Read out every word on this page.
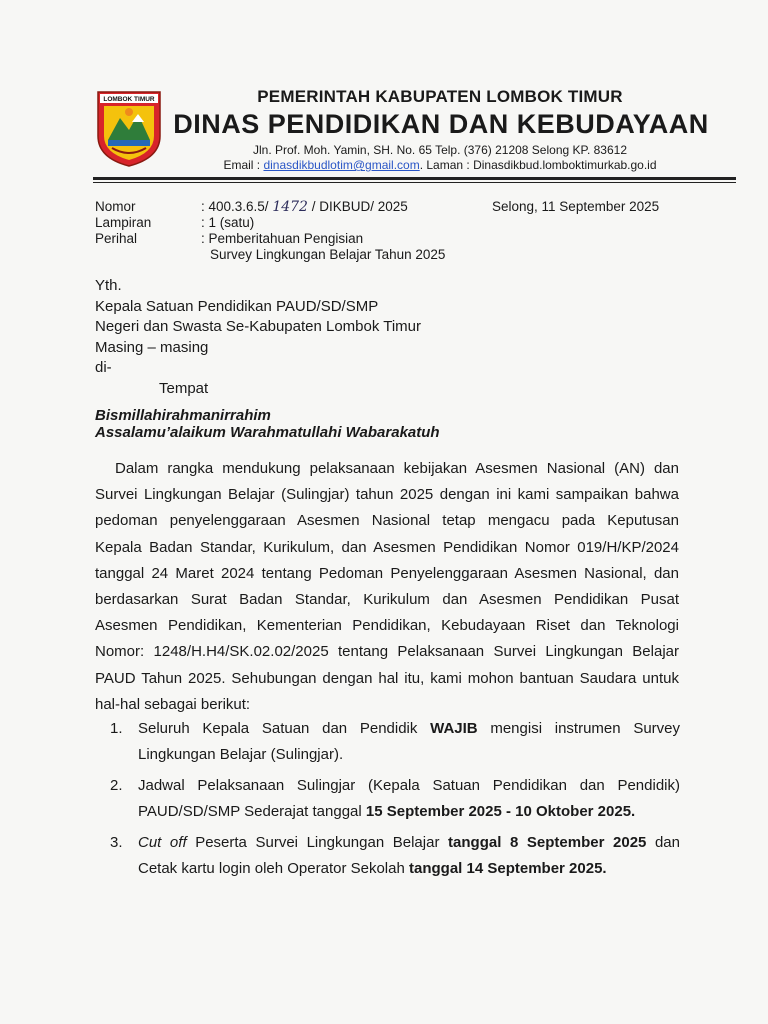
LOMBOK TIMUR	PEMERINTAH KABUPATEN LOMBOK TIMUR
DINAS PENDIDIKAN DAN KEBUDAYAAN
Jln. Prof. Moh. Yamin, SH. No. 65 Telp. (376) 21208 Selong KP. 83612
Email : dinasdikbudlotim@gmail.com. Laman : Dinasdikbud.lomboktimurkab.go.id
Nomor	: 400.3.6.5/ 1472 / DIKBUD/ 2025
Lampiran	: 1 (satu)
Perihal	: Pemberitahuan Pengisian
Survey Lingkungan Belajar Tahun 2025
Selong, 11 September 2025
Yth.
Kepala Satuan Pendidikan PAUD/SD/SMP
Negeri dan Swasta Se-Kabupaten Lombok Timur
Masing – masing
di-
Tempat
Bismillahirahmanirrahim
Assalamu’alaikum Warahmatullahi Wabarakatuh
Dalam rangka mendukung pelaksanaan kebijakan Asesmen Nasional (AN) dan
Survei Lingkungan Belajar (Sulingjar) tahun 2025 dengan ini kami sampaikan bahwa
pedoman penyelenggaraan Asesmen Nasional tetap mengacu pada Keputusan
Kepala Badan Standar, Kurikulum, dan Asesmen Pendidikan Nomor 019/H/KP/2024
tanggal 24 Maret 2024 tentang Pedoman Penyelenggaraan Asesmen Nasional, dan
berdasarkan Surat Badan Standar, Kurikulum dan Asesmen Pendidikan Pusat
Asesmen Pendidikan, Kementerian Pendidikan, Kebudayaan Riset dan Teknologi
Nomor: 1248/H.H4/SK.02.02/2025 tentang Pelaksanaan Survei Lingkungan Belajar
PAUD Tahun 2025. Sehubungan dengan hal itu, kami mohon bantuan Saudara untuk
hal-hal sebagai berikut:
1.	Seluruh Kepala Satuan dan Pendidik WAJIB mengisi instrumen Survey
Lingkungan Belajar (Sulingjar).
2.	Jadwal Pelaksanaan Sulingjar (Kepala Satuan Pendidikan dan Pendidik)
PAUD/SD/SMP Sederajat tanggal 15 September 2025 - 10 Oktober 2025.
3.	Cut off Peserta Survei Lingkungan Belajar tanggal 8 September 2025 dan
Cetak kartu login oleh Operator Sekolah tanggal 14 September 2025.
